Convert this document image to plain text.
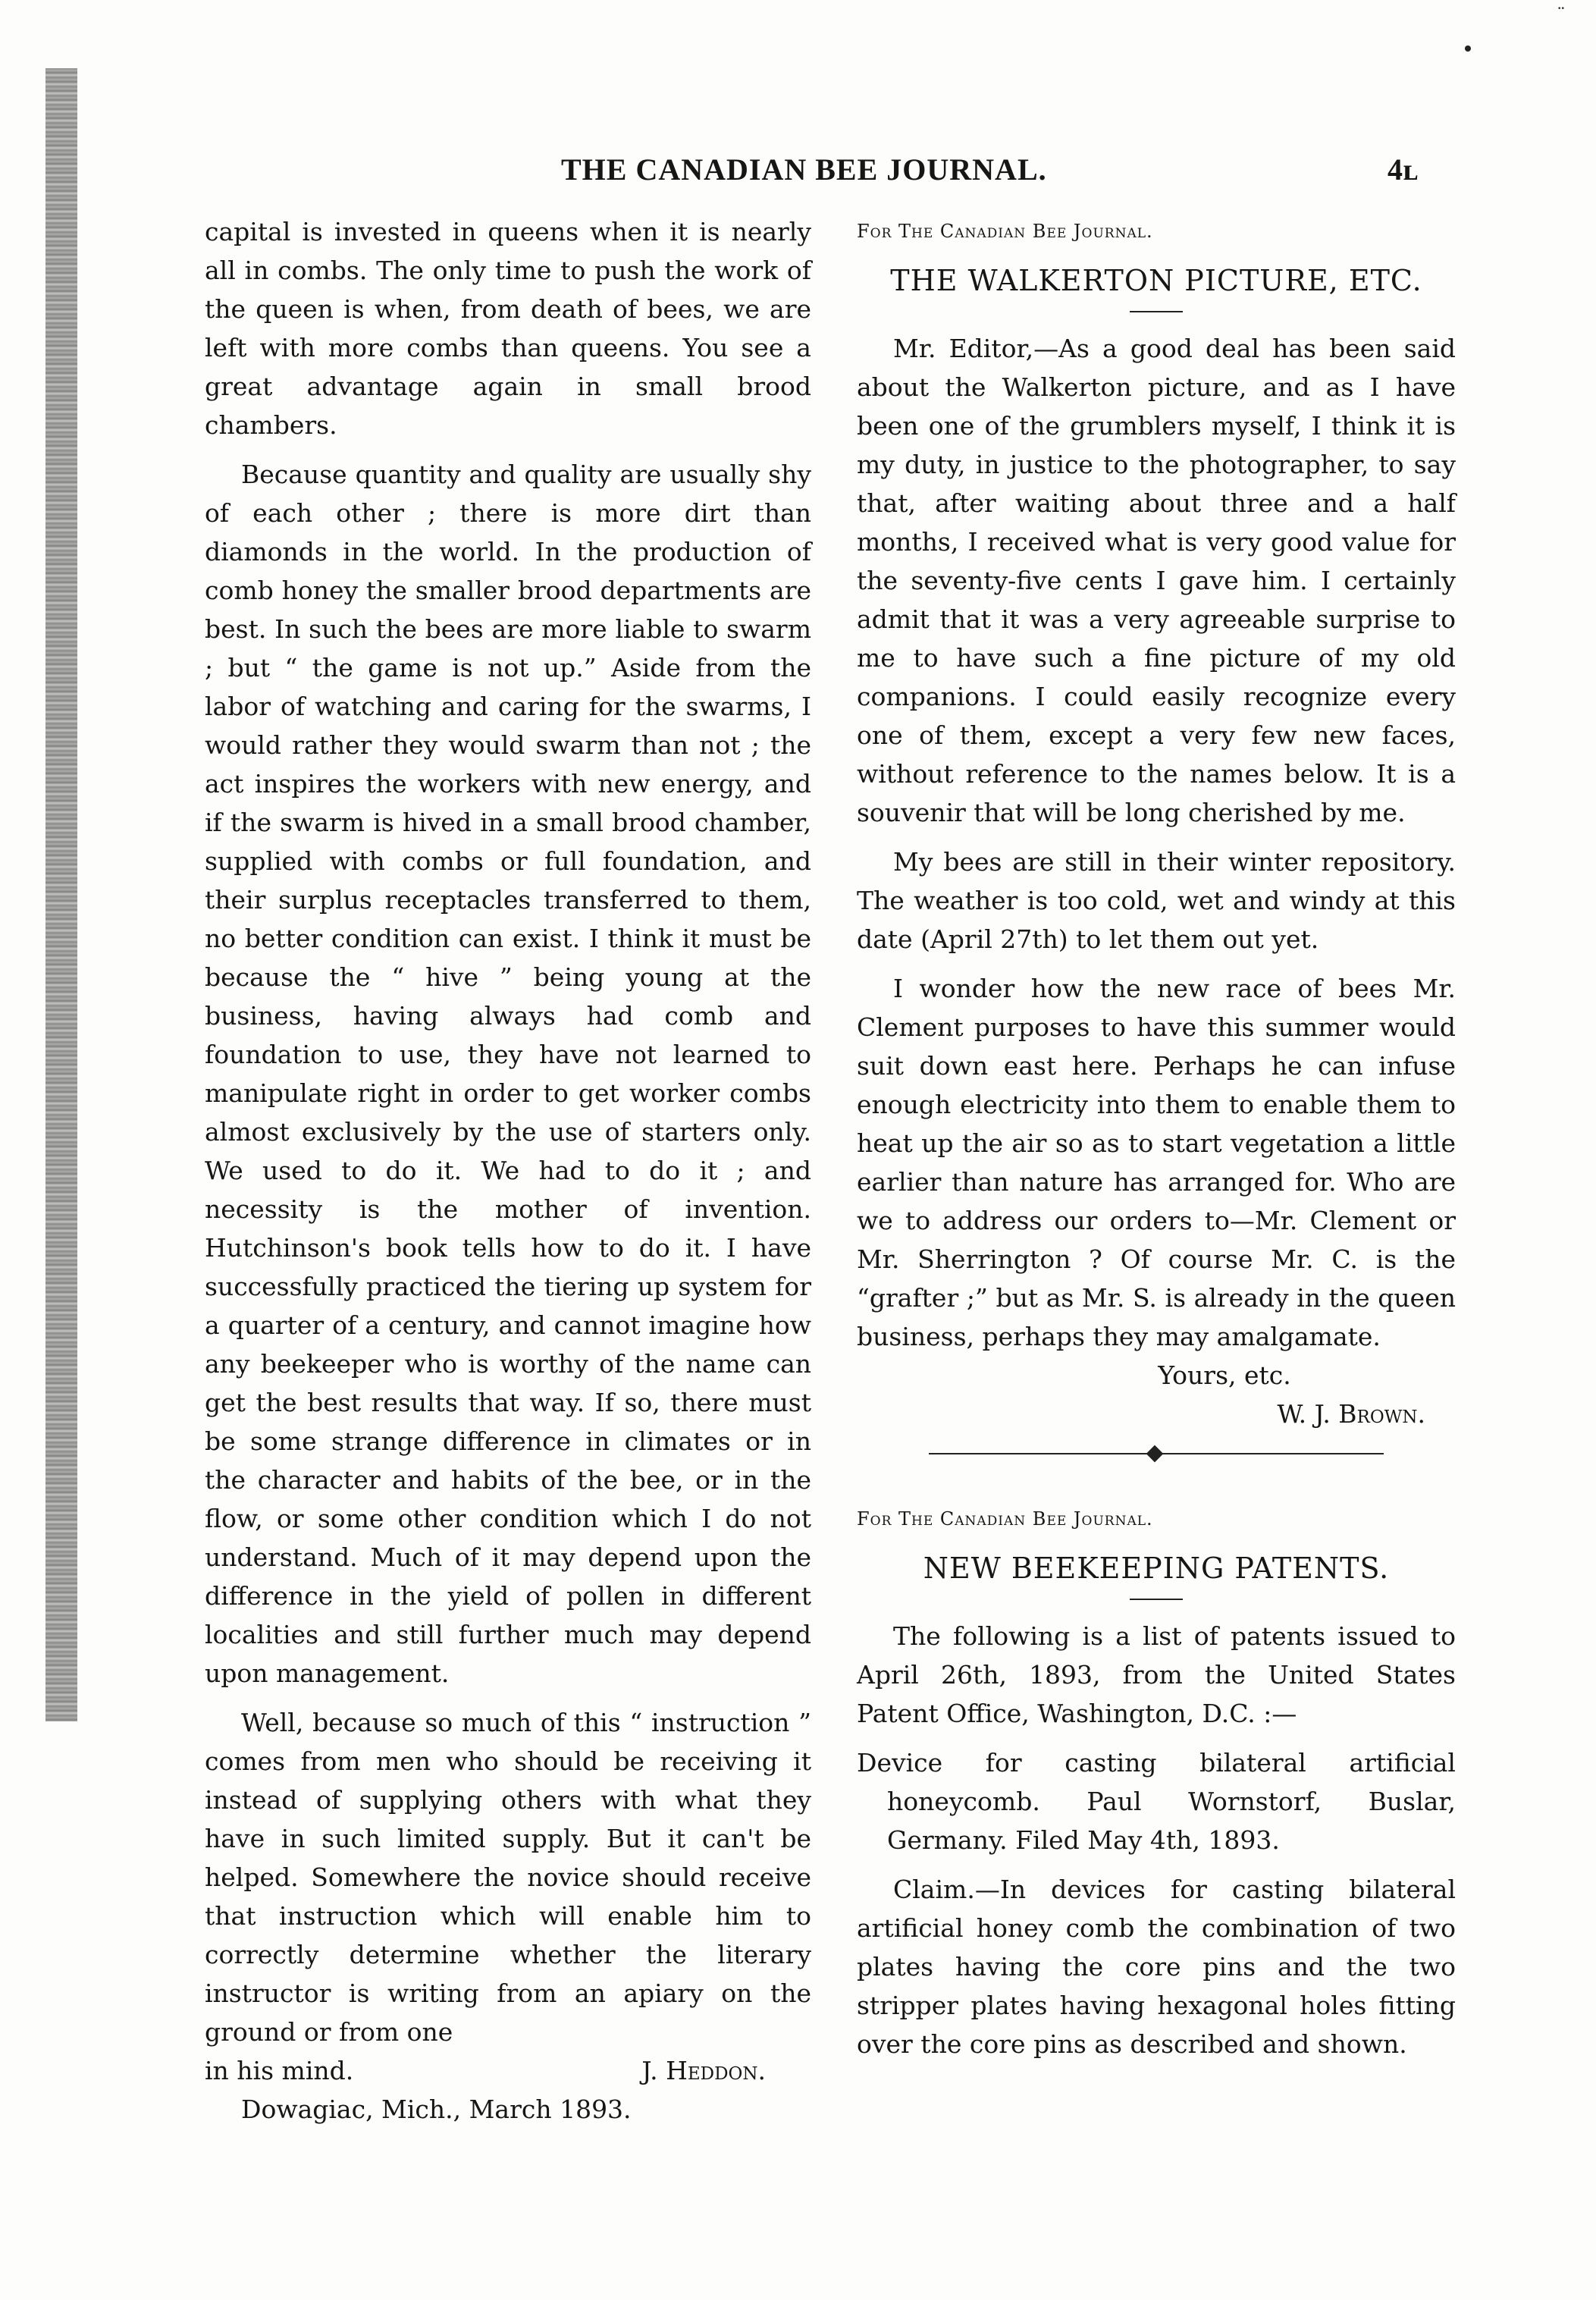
¨
THE CANADIAN BEE JOURNAL.	4ʟ

capital is invested in queens when it is nearly all in combs. The only time to push the work of the queen is when, from death of bees, we are left with more combs than queens. You see a great advantage again in small brood chambers.

Because quantity and quality are usually shy of each other ; there is more dirt than diamonds in the world. In the production of comb honey the smaller brood departments are best. In such the bees are more liable to swarm ; but “ the game is not up.” Aside from the labor of watching and caring for the swarms, I would rather they would swarm than not ; the act inspires the workers with new energy, and if the swarm is hived in a small brood chamber, supplied with combs or full foundation, and their surplus receptacles transferred to them, no better condition can exist. I think it must be because the “ hive ” being young at the business, having always had comb and foundation to use, they have not learned to manipulate right in order to get worker combs almost exclusively by the use of starters only. We used to do it. We had to do it ; and necessity is the mother of invention. Hutchinson's book tells how to do it. I have successfully practiced the tiering up system for a quarter of a century, and cannot imagine how any beekeeper who is worthy of the name can get the best results that way. If so, there must be some strange difference in climates or in the character and habits of the bee, or in the flow, or some other condition which I do not understand. Much of it may depend upon the difference in the yield of pollen in different localities and still further much may depend upon management.

Well, because so much of this “ instruction ” comes from men who should be receiving it instead of supplying others with what they have in such limited supply. But it can't be helped. Somewhere the novice should receive that instruction which will enable him to correctly determine whether the literary instructor is writing from an apiary on the ground or from one

in his mind.	J. Heddon.
Dowagiac, Mich., March 1893.

For The Canadian Bee Journal.

THE WALKERTON PICTURE, ETC.

Mr. Editor,—As a good deal has been said about the Walkerton picture, and as I have been one of the grumblers myself, I think it is my duty, in justice to the photographer, to say that, after waiting about three and a half months, I received what is very good value for the seventy-five cents I gave him. I certainly admit that it was a very agreeable surprise to me to have such a fine picture of my old companions. I could easily recognize every one of them, except a very few new faces, without reference to the names below. It is a souvenir that will be long cherished by me.

My bees are still in their winter repository. The weather is too cold, wet and windy at this date (April 27th) to let them out yet.

I wonder how the new race of bees Mr. Clement purposes to have this summer would suit down east here. Perhaps he can infuse enough electricity into them to enable them to heat up the air so as to start vegetation a little earlier than nature has arranged for. Who are we to address our orders to—Mr. Clement or Mr. Sherrington ? Of course Mr. C. is the “grafter ;” but as Mr. S. is already in the queen business, perhaps they may amalgamate.

Yours, etc.
W. J. Brown.

For The Canadian Bee Journal.

NEW BEEKEEPING PATENTS.

The following is a list of patents issued to April 26th, 1893, from the United States Patent Office, Washington, D.C. :—

Device for casting bilateral artificial honeycomb. Paul Wornstorf, Buslar, Germany. Filed May 4th, 1893.

Claim.—In devices for casting bilateral artificial honey comb the combination of two plates having the core pins and the two stripper plates having hexagonal holes fitting over the core pins as described and shown.
